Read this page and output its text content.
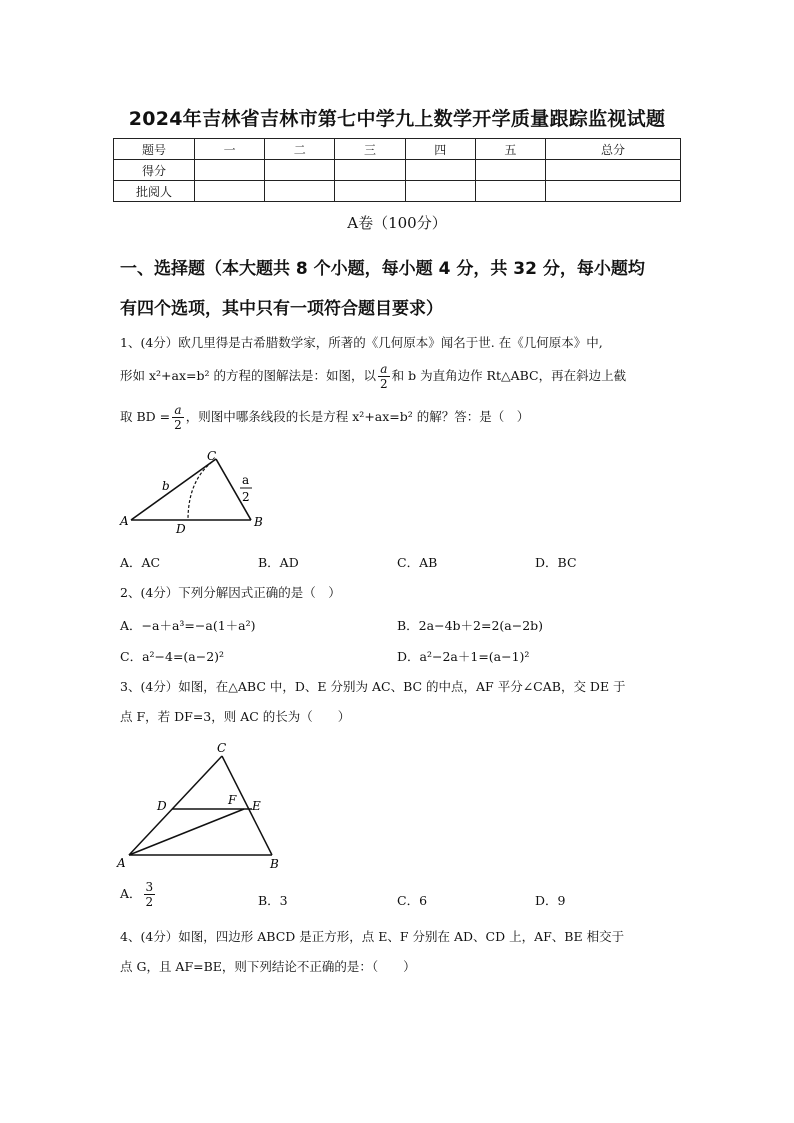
2024年吉林省吉林市第七中学九上数学开学质量跟踪监视试题
题号	一	二	三	四	五	总分
得分						
批阅人						
A卷（100分）
一、选择题（本大题共 8 个小题，每小题 4 分，共 32 分，每小题均
有四个选项，其中只有一项符合题目要求）
1、(4分）欧几里得是古希腊数学家，所著的《几何原本》闻名于世. 在《几何原本》中,
形如 x²+ax=b² 的方程的图解法是：如图，以 $\frac{a}{2}$ 和 b 为直角边作 Rt△ABC，再在斜边上截
取 BD = $\frac{a}{2}$ ，则图中哪条线段的长是方程 x²+ax=b² 的解？答：是（　）
A	B
C
D
b	a
2
A．AC	B．AD	C．AB	D．BC
2、(4分）下列分解因式正确的是（　）
A．−a＋a³=−a(1＋a²)	B．2a−4b＋2=2(a−2b)
C．a²−4=(a−2)²	D．a²−2a＋1=(a−1)²
3、(4分）如图，在△ABC 中，D、E 分别为 AC、BC 的中点，AF 平分∠CAB，交 DE 于
点 F，若 DF=3，则 AC 的长为（　　）
A	B
C
D	E
F
A． $\frac{3}{2}$	B．3	C．6	D．9
4、(4分）如图，四边形 ABCD 是正方形，点 E、F 分别在 AD、CD 上，AF、BE 相交于
点 G，且 AF=BE，则下列结论不正确的是：（　　）
